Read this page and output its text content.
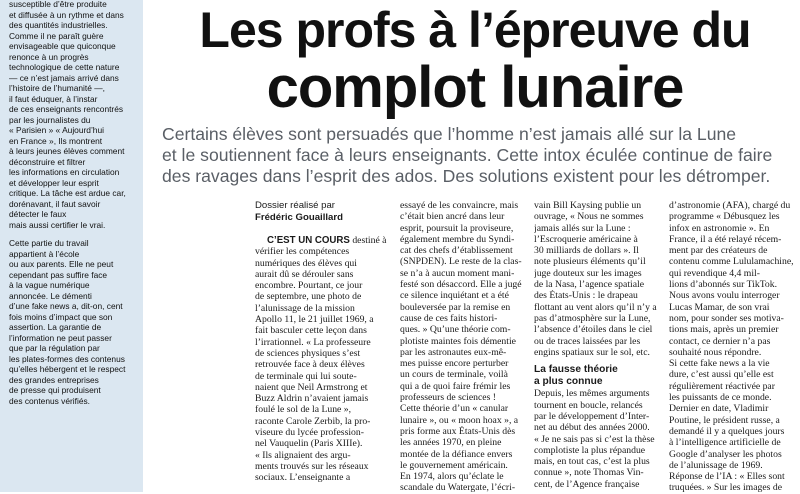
susceptible d’être produite

et diffusée à un rythme et dans

des quantités industrielles.

Comme il ne paraît guère

envisageable que quiconque

renonce à un progrès

technologique de cette nature

— ce n’est jamais arrivé dans

l’histoire de l’humanité —,

il faut éduquer, à l’instar

de ces enseignants rencontrés

par les journalistes du

« Parisien » « Aujourd’hui

en France », Ils montrent

à leurs jeunes élèves comment

déconstruire et filtrer

les informations en circulation

et développer leur esprit

critique. La tâche est ardue car,

dorénavant, il faut savoir

détecter le faux

mais aussi certifier le vrai.

Cette partie du travail

appartient à l’école

ou aux parents. Elle ne peut

cependant pas suffire face

à la vague numérique

annoncée. Le démenti

d’une fake news a, dit-on, cent

fois moins d’impact que son

assertion. La garantie de

l’information ne peut passer

que par la régulation par

les plates-formes des contenus

qu’elles hébergent et le respect

des grandes entreprises

de presse qui produisent

des contenus vérifiés.

Les profs à l’épreuve du
complot lunaire
Certains élèves sont persuadés que l’homme n’est jamais allé sur la Lune
et le soutiennent face à leurs enseignants. Cette intox éculée continue de faire
des ravages dans l’esprit des ados. Des solutions existent pour les détromper.
Dossier réalisé par
Frédéric Gouaillard
C’EST UN COURS destiné à
vérifier les compétences
numériques des élèves qui
aurait dû se dérouler sans
encombre. Pourtant, ce jour
de septembre, une photo de
l’alunissage de la mission
Apollo 11, le 21 juillet 1969, a
fait basculer cette leçon dans
l’irrationnel. « La professeure
de sciences physiques s’est
retrouvée face à deux élèves
de terminale qui lui soute-
naient que Neil Armstrong et
Buzz Aldrin n’avaient jamais
foulé le sol de la Lune »,
raconte Carole Zerbib, la pro-
viseure du lycée profession-
nel Vauquelin (Paris XIIIe).
« Ils alignaient des argu-
ments trouvés sur les réseaux
sociaux. L’enseignante a
essayé de les convaincre, mais
c’était bien ancré dans leur
esprit, poursuit la proviseure,
également membre du Syndi-
cat des chefs d’établissement
(SNPDEN). Le reste de la clas-
se n’a à aucun moment mani-
festé son désaccord. Elle a jugé
ce silence inquiétant et a été
bouleversée par la remise en
cause de ces faits histori-
ques. » Qu’une théorie com-
plotiste maintes fois démentie
par les astronautes eux-mê-
mes puisse encore perturber
un cours de terminale, voilà
qui a de quoi faire frémir les
professeurs de sciences !
Cette théorie d’un « canular
lunaire », ou « moon hoax », a
pris forme aux États-Unis dès
les années 1970, en pleine
montée de la défiance envers
le gouvernement américain.
En 1974, alors qu’éclate le
scandale du Watergate, l’écri-
vain Bill Kaysing publie un
ouvrage, « Nous ne sommes
jamais allés sur la Lune :
l’Escroquerie américaine à
30 milliards de dollars ». Il
note plusieurs éléments qu’il
juge douteux sur les images
de la Nasa, l’agence spatiale
des États-Unis : le drapeau
flottant au vent alors qu’il n’y a
pas d’atmosphère sur la Lune,
l’absence d’étoiles dans le ciel
ou de traces laissées par les
engins spatiaux sur le sol, etc.
La fausse théorie
a plus connue
Depuis, les mêmes arguments
tournent en boucle, relancés
par le développement d’Inter-
net au début des années 2000.
« Je ne sais pas si c’est la thèse
complotiste la plus répandue
mais, en tout cas, c’est la plus
connue », note Thomas Vin-
cent, de l’Agence française
d’astronomie (AFA), chargé du
programme « Débusquez les
infox en astronomie ». En
France, il a été relayé récem-
ment par des créateurs de
contenu comme Lululamachine,
qui revendique 4,4 mil-
lions d’abonnés sur TikTok.
Nous avons voulu interroger
Lucas Mamar, de son vrai
nom, pour sonder ses motiva-
tions mais, après un premier
contact, ce dernier n’a pas
souhaité nous répondre.
Si cette fake news a la vie
dure, c’est aussi qu’elle est
régulièrement réactivée par
les puissants de ce monde.
Dernier en date, Vladimir
Poutine, le président russe, a
demandé il y a quelques jours
à l’intelligence artificielle de
Google d’analyser les photos
de l’alunissage de 1969.
Réponse de l’IA : « Elles sont
truquées. » Sur les images de
